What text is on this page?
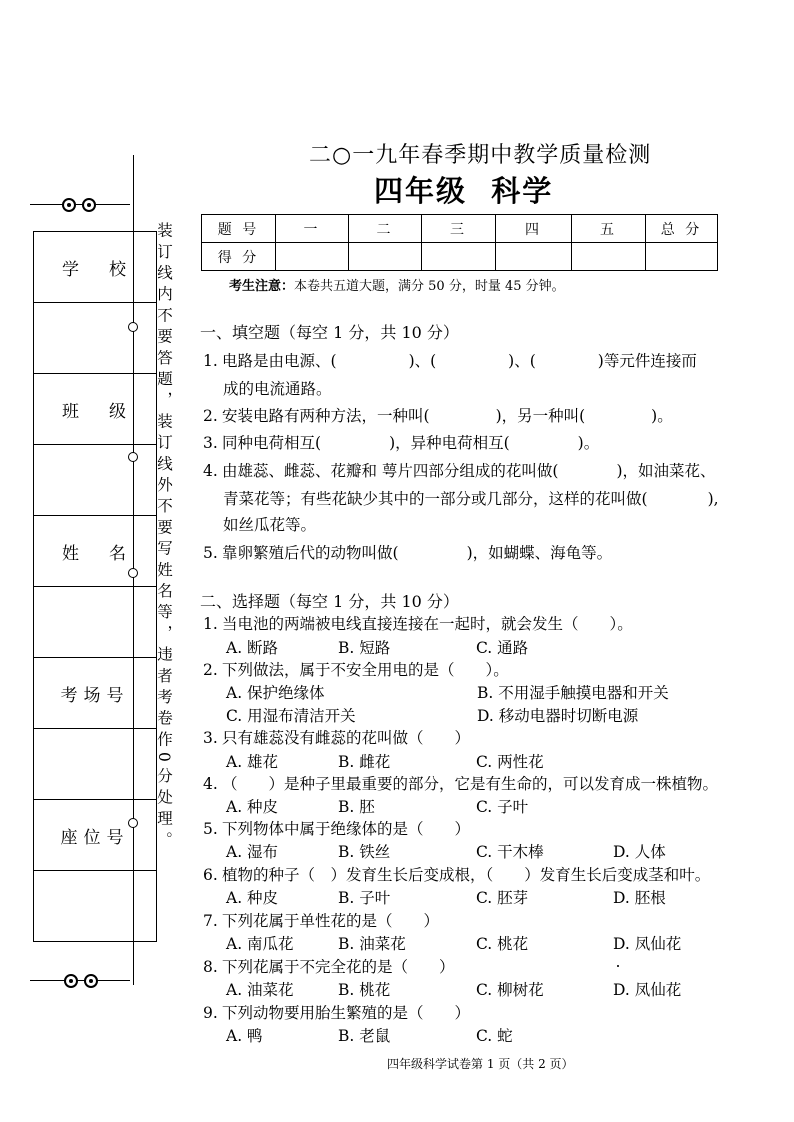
学校

班级

姓名

考场号

座位号 装订线内不要答题，装订线外不要写姓名等，违者考卷作0分处理。
二○一九年春季期中教学质量检测
四年级  科学
题 号	一	二	三	四	五	总 分
得 分						
考生注意：本卷共五道大题，满分 50 分，时量 45 分钟。
一、填空题（每空 1 分，共 10 分）
1. 电路是由电源、(	)、(	)、(	)等元件连接而
成的电流通路。
2. 安装电路有两种方法，一种叫(	)，另一种叫(	)。
3. 同种电荷相互(	)，异种电荷相互(	)。
4. 由雄蕊、雌蕊、花瓣和 萼片四部分组成的花叫做(	)，如油菜花、
青菜花等；有些花缺少其中的一部分或几部分，这样的花叫做(	),
如丝瓜花等。
5. 靠卵繁殖后代的动物叫做(	)，如蝴蝶、海龟等。
二、选择题（每空 1 分，共 10 分）
1. 当电池的两端被电线直接连接在一起时，就会发生（　　）。
A. 断路	B. 短路	C. 通路
2. 下列做法，属于不安全用电的是（　　）。
A. 保护绝缘体	B. 不用湿手触摸电器和开关
C. 用湿布清洁开关	D. 移动电器时切断电源
3. 只有雄蕊没有雌蕊的花叫做（　　）
A. 雄花	B. 雌花	C. 两性花
4. （　　）是种子里最重要的部分，它是有生命的，可以发育成一株植物。
A. 种皮	B. 胚	C. 子叶
5. 下列物体中属于绝缘体的是（　　）
A. 湿布	B. 铁丝	C. 干木棒	D. 人体
6. 植物的种子（　）发育生长后变成根，（　　）发育生长后变成茎和叶。
A. 种皮	B. 子叶	C. 胚芽	D. 胚根
7. 下列花属于单性花的是（　　）
A. 南瓜花	B. 油菜花	C. 桃花	D. 凤仙花
8. 下列花属于不完全花的是（　　）
A. 油菜花	B. 桃花	C. 柳树花	D. 凤仙花
9. 下列动物要用胎生繁殖的是（　　）
A. 鸭	B. 老鼠	C. 蛇
四年级科学试卷第 1 页（共 2 页）
